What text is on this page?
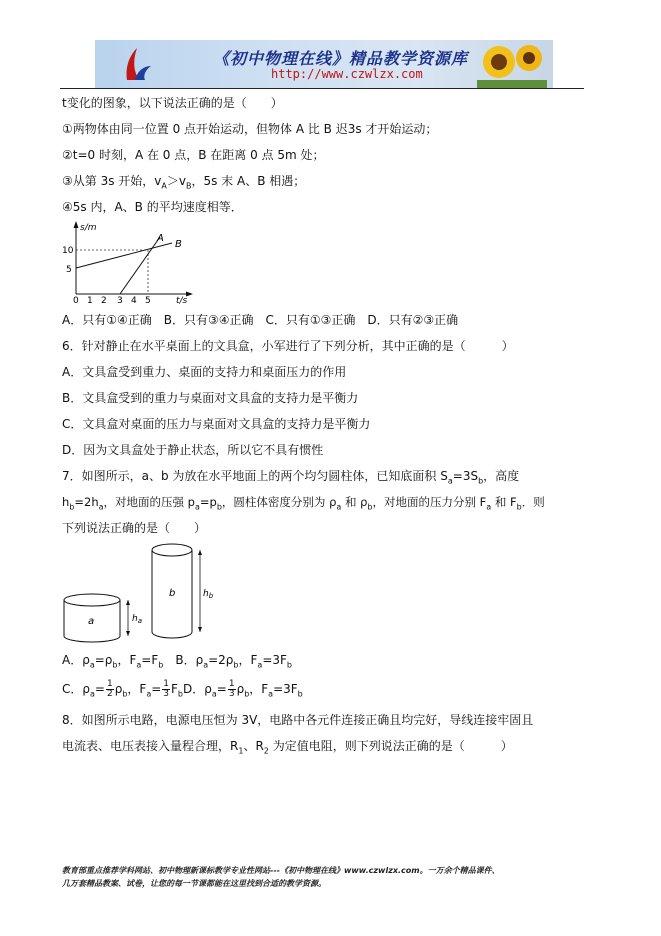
《初中物理在线》精品教学资源库
http://www.czwlzx.com
t变化的图象，以下说法正确的是（　　）
①两物体由同一位置 0 点开始运动，但物体 A 比 B 迟3s 才开始运动；
②t=0 时刻，A 在 0 点，B 在距离 0 点 5m 处；
③从第 3s 开始，$v_A>v_B$，5s 末 A、B 相遇；
④5s 内，A、B 的平均速度相等．
s/m
t/s
A
B
10
5
0 1 2 3 4 5
A．只有①④正确　B．只有③④正确　C．只有①③正确　D．只有②③正确
6．针对静止在水平桌面上的文具盒，小军进行了下列分析，其中正确的是（　　　）
A．文具盒受到重力、桌面的支持力和桌面压力的作用
B．文具盒受到的重力与桌面对文具盒的支持力是平衡力
C．文具盒对桌面的压力与桌面对文具盒的支持力是平衡力
D．因为文具盒处于静止状态，所以它不具有惯性
7．如图所示，a、b 为放在水平地面上的两个均匀圆柱体，已知底面积 $S_a=3S_b$，高度
$h_b=2h_a$，对地面的压强 $p_a=p_b$，圆柱体密度分别为 $\rho_a$ 和 $\rho_b$，对地面的压力分别 $F_a$ 和 $F_b$．则
下列说法正确的是（　　）
a	$h_a$
b	$h_b$
A．$\rho_a=\rho_b$，$F_a=F_b$　B．$\rho_a=2\rho_b$，$F_a=3F_b$
C．$\rho_a= \frac{1}{2} \rho_b$，$F_a= \frac{1}{3} F_bD$．$\rho_a= \frac{1}{3} \rho_b$，$F_a=3F_b$
8．如图所示电路，电源电压恒为 3V，电路中各元件连接正确且均完好，导线连接牢固且
电流表、电压表接入量程合理，$R_1$、$R_2$ 为定值电阻，则下列说法正确的是（　　　）
教育部重点推荐学科网站、初中物理新课标教学专业性网站---《初中物理在线》www.czwlzx.com。一万余个精品课件、
几万套精品教案、试卷，让您的每一节课都能在这里找到合适的教学资源。
